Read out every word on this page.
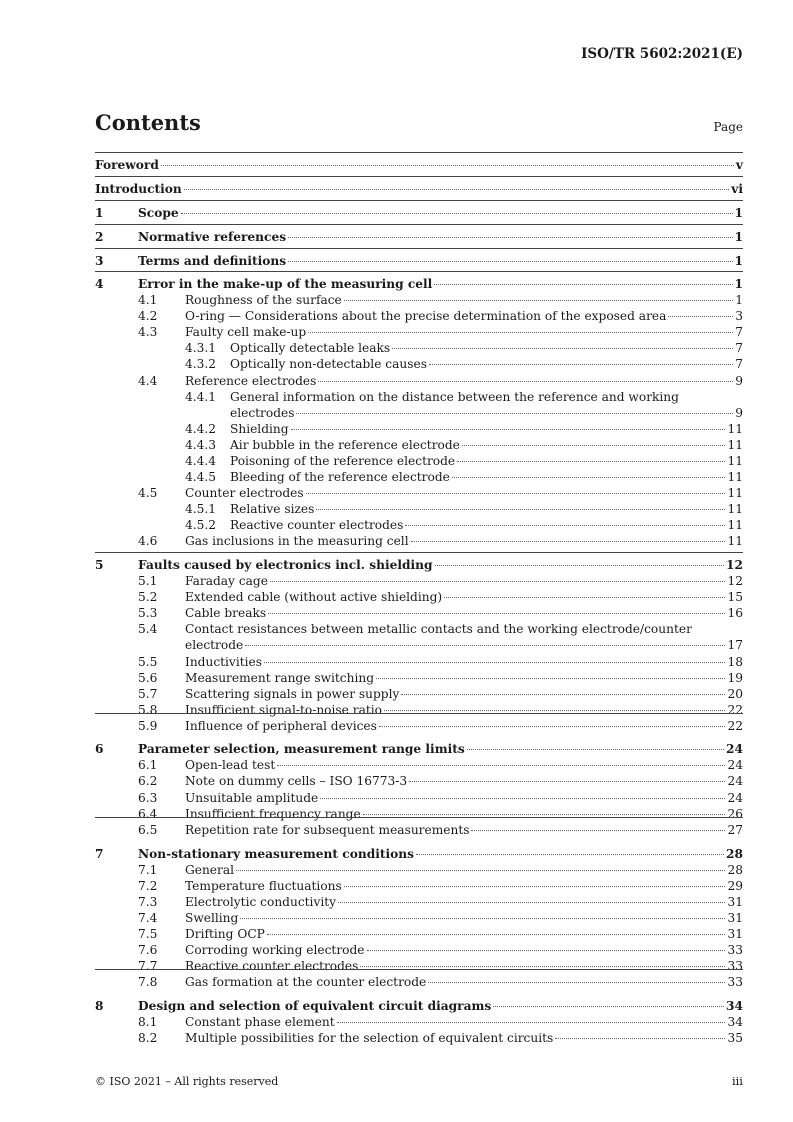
ISO/TR 5602:2021(E)
Contents	Page
Foreword	v
Introduction	vi
1	Scope	1
2	Normative references	1
3	Terms and definitions	1
4	Error in the make-up of the measuring cell	1
4.1 Roughness of the surface	1
4.2 O-ring — Considerations about the precise determination of the exposed area	3
4.3 Faulty cell make-up	7
4.3.1 Optically detectable leaks	7
4.3.2 Optically non-detectable causes	7
4.4 Reference electrodes	9
4.4.1 General information on the distance between the reference and working
electrodes	9
4.4.2 Shielding	11
4.4.3 Air bubble in the reference electrode	11
4.4.4 Poisoning of the reference electrode	11
4.4.5 Bleeding of the reference electrode	11
4.5 Counter electrodes	11
4.5.1 Relative sizes	11
4.5.2 Reactive counter electrodes	11
4.6 Gas inclusions in the measuring cell	11
5	Faults caused by electronics incl. shielding	12
5.1 Faraday cage	12
5.2 Extended cable (without active shielding)	15
5.3 Cable breaks	16
5.4 Contact resistances between metallic contacts and the working electrode/counter
electrode	17
5.5 Inductivities	18
5.6 Measurement range switching	19
5.7 Scattering signals in power supply	20
5.8 Insufficient signal-to-noise ratio	22
5.9 Influence of peripheral devices	22
6	Parameter selection, measurement range limits	24
6.1 Open-lead test	24
6.2 Note on dummy cells – ISO 16773-3	24
6.3 Unsuitable amplitude	24
6.4 Insufficient frequency range	26
6.5 Repetition rate for subsequent measurements	27
7	Non-stationary measurement conditions	28
7.1 General	28
7.2 Temperature fluctuations	29
7.3 Electrolytic conductivity	31
7.4 Swelling	31
7.5 Drifting OCP	31
7.6 Corroding working electrode	33
7.7 Reactive counter electrodes	33
7.8 Gas formation at the counter electrode	33
8	Design and selection of equivalent circuit diagrams	34
8.1 Constant phase element	34
8.2 Multiple possibilities for the selection of equivalent circuits	35
© ISO 2021 – All rights reserved	iii
